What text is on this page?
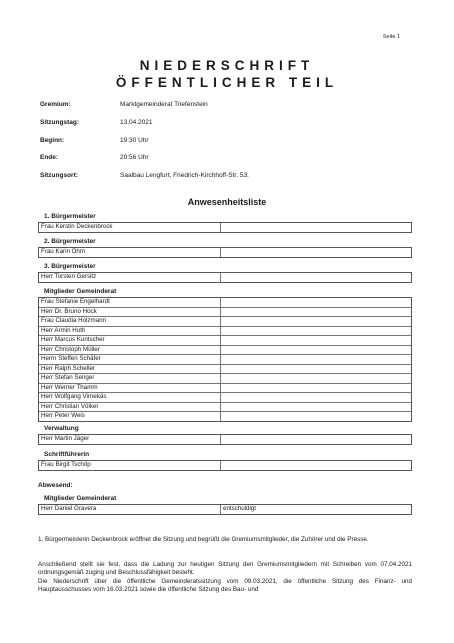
Seite 1
NIEDERSCHRIFT
ÖFFENTLICHER TEIL
Gremium:	Marktgemeinderat Triefenstein
Sitzungstag:	13.04.2021
Beginn:	19:30 Uhr
Ende:	20:56 Uhr
Sitzungsort:	Saalbau Lengfurt, Friedrich-Kirchhoff-Str. 53,
Anwesenheitsliste
1. Bürgermeister
Frau Kerstin Deckenbrock
2. Bürgermeister
Frau Karin Öhm
3. Bürgermeister
Herr Torsten Gersitz
Mitglieder Gemeinderat
Frau Stefanie Engelhardt
Herr Dr. Bruno Hock
Frau Claudia Holzmann
Herr Armin Huth
Herr Marcus Kuntscher
Herr Christoph Müller
Herrn Steffen Schäfer
Herr Ralph Scheller
Herr Stefan Senger
Herr Werner Thamm
Herr Wolfgang Virnekäs
Herr Christian Völker
Herr Peter Weis
Verwaltung
Herr Martin Jäger
Schriftführerin
Frau Birgit Tschöp
Abwesend:
Mitglieder Gemeinderat
Herr Daniel Gravera	entschuldigt
1. Bürgermeisterin Deckenbrock eröffnet die Sitzung und begrüßt die Gremiumsmitglieder, die Zuhörer und die Presse.
Anschließend stellt sie fest, dass die Ladung zur heutigen Sitzung den Gremiumsmitgliedern mit Schreiben vom 07.04.2021 ordnungsgemäß zuging und Beschlussfähigkeit besteht.
Die Niederschrift über die öffentliche Gemeinderatssitzung vom 09.03.2021, die öffentliche Sitzung des Finanz- und Hauptausschusses vom 16.03.2021 sowie die öffentliche Sitzung des Bau- und
